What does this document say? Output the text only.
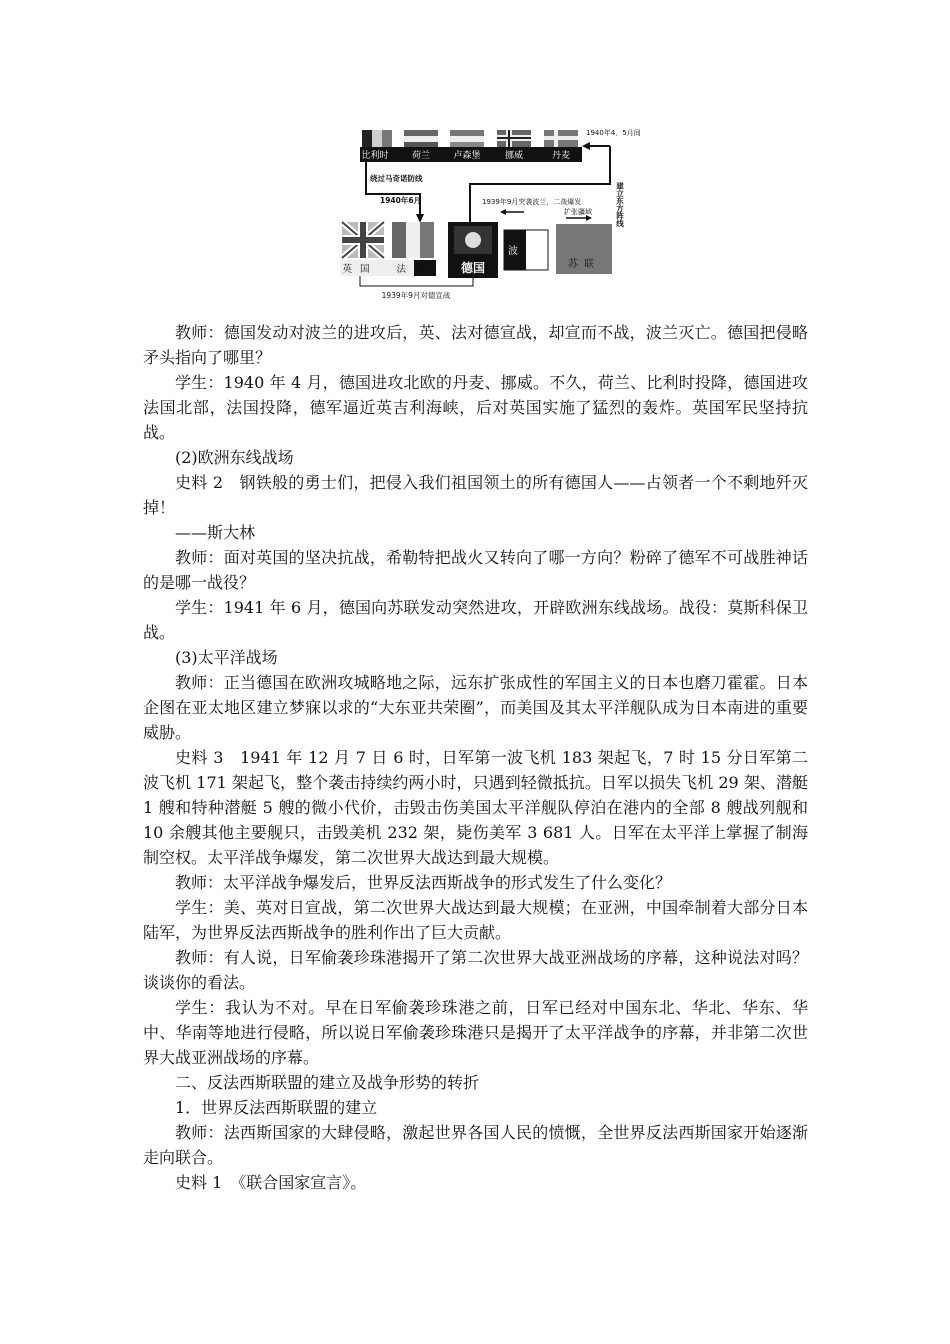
比利时	荷兰	卢森堡	挪威	丹麦
1940年4、5月间
绕过马奇诺防线
1940年6月	1939年9月突袭波兰，二战爆发
扩张疆域	建立东方阵线
英国 法国 德国
波兰
苏联
1939年9月对德宣战

教师：德国发动对波兰的进攻后，英、法对德宣战，却宣而不战，波兰灭亡。德国把侵略矛头指向了哪里？

学生：1940 年 4 月，德国进攻北欧的丹麦、挪威。不久，荷兰、比利时投降，德国进攻法国北部，法国投降，德军逼近英吉利海峡，后对英国实施了猛烈的轰炸。英国军民坚持抗战。

(2)欧洲东线战场

史料 2　钢铁般的勇士们，把侵入我们祖国领土的所有德国人——占领者一个不剩地歼灭掉！

——斯大林

教师：面对英国的坚决抗战，希勒特把战火又转向了哪一方向？粉碎了德军不可战胜神话的是哪一战役？

学生：1941 年 6 月，德国向苏联发动突然进攻，开辟欧洲东线战场。战役：莫斯科保卫战。

(3)太平洋战场

教师：正当德国在欧洲攻城略地之际，远东扩张成性的军国主义的日本也磨刀霍霍。日本企图在亚太地区建立梦寐以求的“大东亚共荣圈”，而美国及其太平洋舰队成为日本南进的重要威胁。

史料 3　1941 年 12 月 7 日 6 时，日军第一波飞机 183 架起飞，7 时 15 分日军第二波飞机 171 架起飞，整个袭击持续约两小时，只遇到轻微抵抗。日军以损失飞机 29 架、潜艇 1 艘和特种潜艇 5 艘的微小代价，击毁击伤美国太平洋舰队停泊在港内的全部 8 艘战列舰和 10 余艘其他主要舰只，击毁美机 232 架，毙伤美军 3 681 人。日军在太平洋上掌握了制海制空权。太平洋战争爆发，第二次世界大战达到最大规模。

教师：太平洋战争爆发后，世界反法西斯战争的形式发生了什么变化？

学生：美、英对日宣战，第二次世界大战达到最大规模；在亚洲，中国牵制着大部分日本陆军，为世界反法西斯战争的胜利作出了巨大贡献。

教师：有人说，日军偷袭珍珠港揭开了第二次世界大战亚洲战场的序幕，这种说法对吗？谈谈你的看法。

学生：我认为不对。早在日军偷袭珍珠港之前，日军已经对中国东北、华北、华东、华中、华南等地进行侵略，所以说日军偷袭珍珠港只是揭开了太平洋战争的序幕，并非第二次世界大战亚洲战场的序幕。

二、反法西斯联盟的建立及战争形势的转折

1．世界反法西斯联盟的建立

教师：法西斯国家的大肆侵略，激起世界各国人民的愤慨，全世界反法西斯国家开始逐渐走向联合。

史料 1　《联合国家宣言》。
